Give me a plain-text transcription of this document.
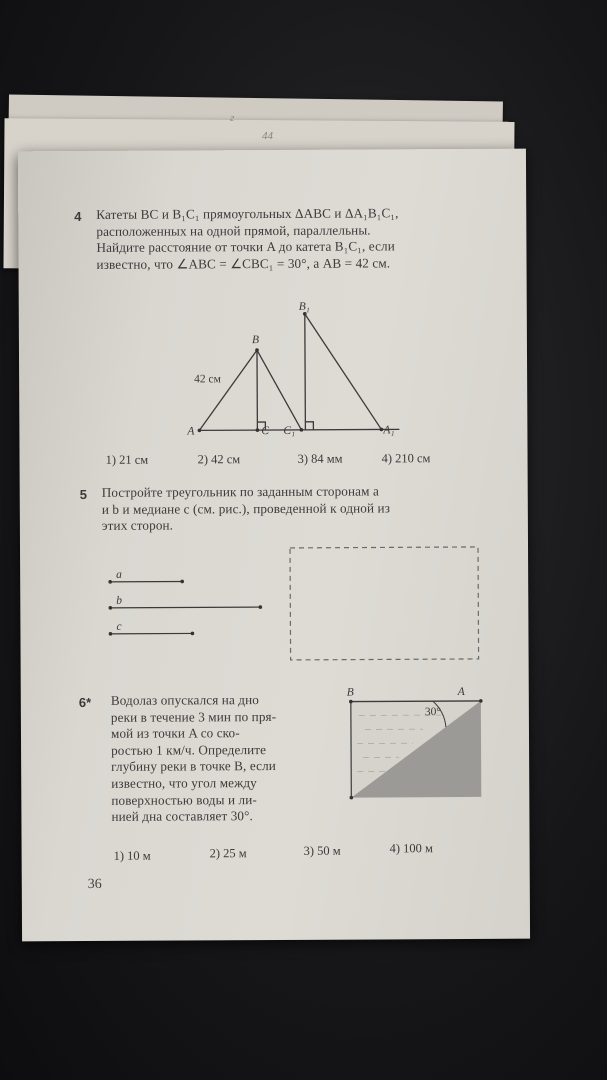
г
44
4 Катеты BC и B₁C₁ прямоугольных ΔABC и ΔA₁B₁C₁,
расположенных на одной прямой, параллельны.
Найдите расстояние от точки A до катета B₁C₁, если
известно, что ∠ABC = ∠CBC₁ = 30°, а AB = 42 см.
B
B₁
A	C C₁	A₁
42 см
1) 21 см	2) 42 см	3) 84 мм	4) 210 см
5 Постройте треугольник по заданным сторонам a
и b и медиане c (см. рис.), проведенной к одной из
этих сторон.
a
b
c
6* Водолаз опускался на дно
реки в течение 3 мин по пря-
мой из точки A со ско-
ростью 1 км/ч. Определите
глубину реки в точке B, если
известно, что угол между
поверхностью воды и ли-
нией дна составляет 30°.
B	A
30°
1) 10 м	2) 25 м	3) 50 м	4) 100 м
36
